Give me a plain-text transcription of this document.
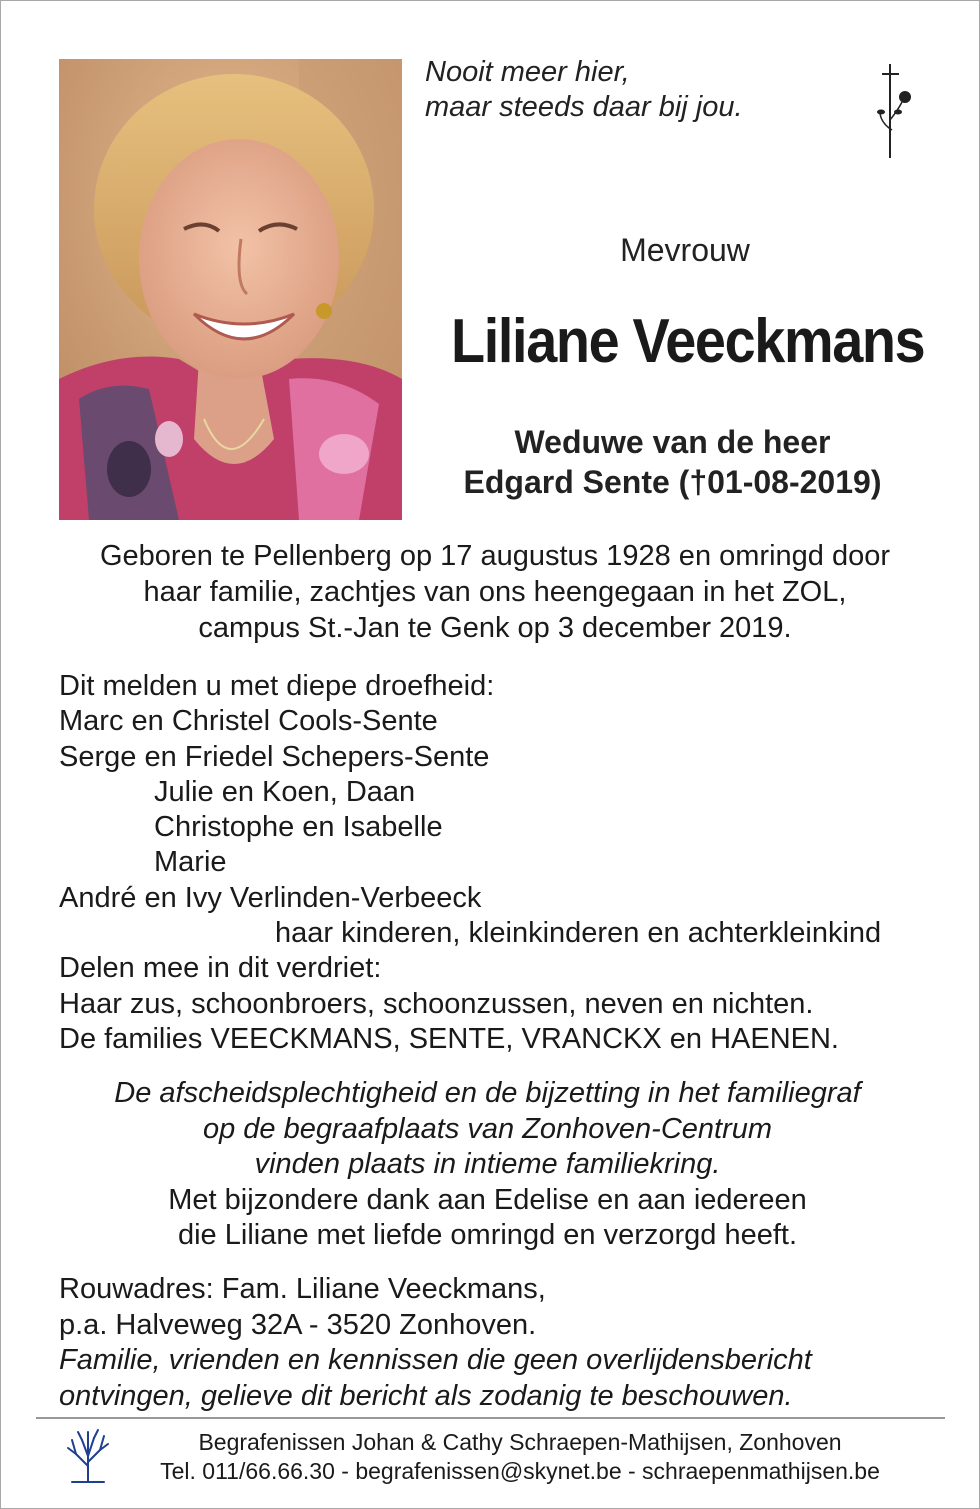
Nooit meer hier,
maar steeds daar bij jou.
Mevrouw
Liliane Veeckmans
Weduwe van de heer
Edgard Sente (†01-08-2019)
Geboren te Pellenberg op 17 augustus 1928 en omringd door
haar familie, zachtjes van ons heengegaan in het ZOL,
campus St.-Jan te Genk op 3 december 2019.
Dit melden u met diepe droefheid:
Marc en Christel Cools-Sente
Serge en Friedel Schepers-Sente
Julie en Koen, Daan
Christophe en Isabelle
Marie
André en Ivy Verlinden-Verbeeck
haar kinderen, kleinkinderen en achterkleinkind
Delen mee in dit verdriet:
Haar zus, schoonbroers, schoonzussen, neven en nichten.
De families VEECKMANS, SENTE, VRANCKX en HAENEN.
De afscheidsplechtigheid en de bijzetting in het familiegraf
op de begraafplaats van Zonhoven-Centrum
vinden plaats in intieme familiekring.
Met bijzondere dank aan Edelise en aan iedereen
die Liliane met liefde omringd en verzorgd heeft.
Rouwadres: Fam. Liliane Veeckmans,
p.a. Halveweg 32A - 3520 Zonhoven.
Familie, vrienden en kennissen die geen overlijdensbericht
ontvingen, gelieve dit bericht als zodanig te beschouwen.
Begrafenissen Johan & Cathy Schraepen-Mathijsen, Zonhoven
Tel. 011/66.66.30 - begrafenissen@skynet.be - schraepenmathijsen.be
